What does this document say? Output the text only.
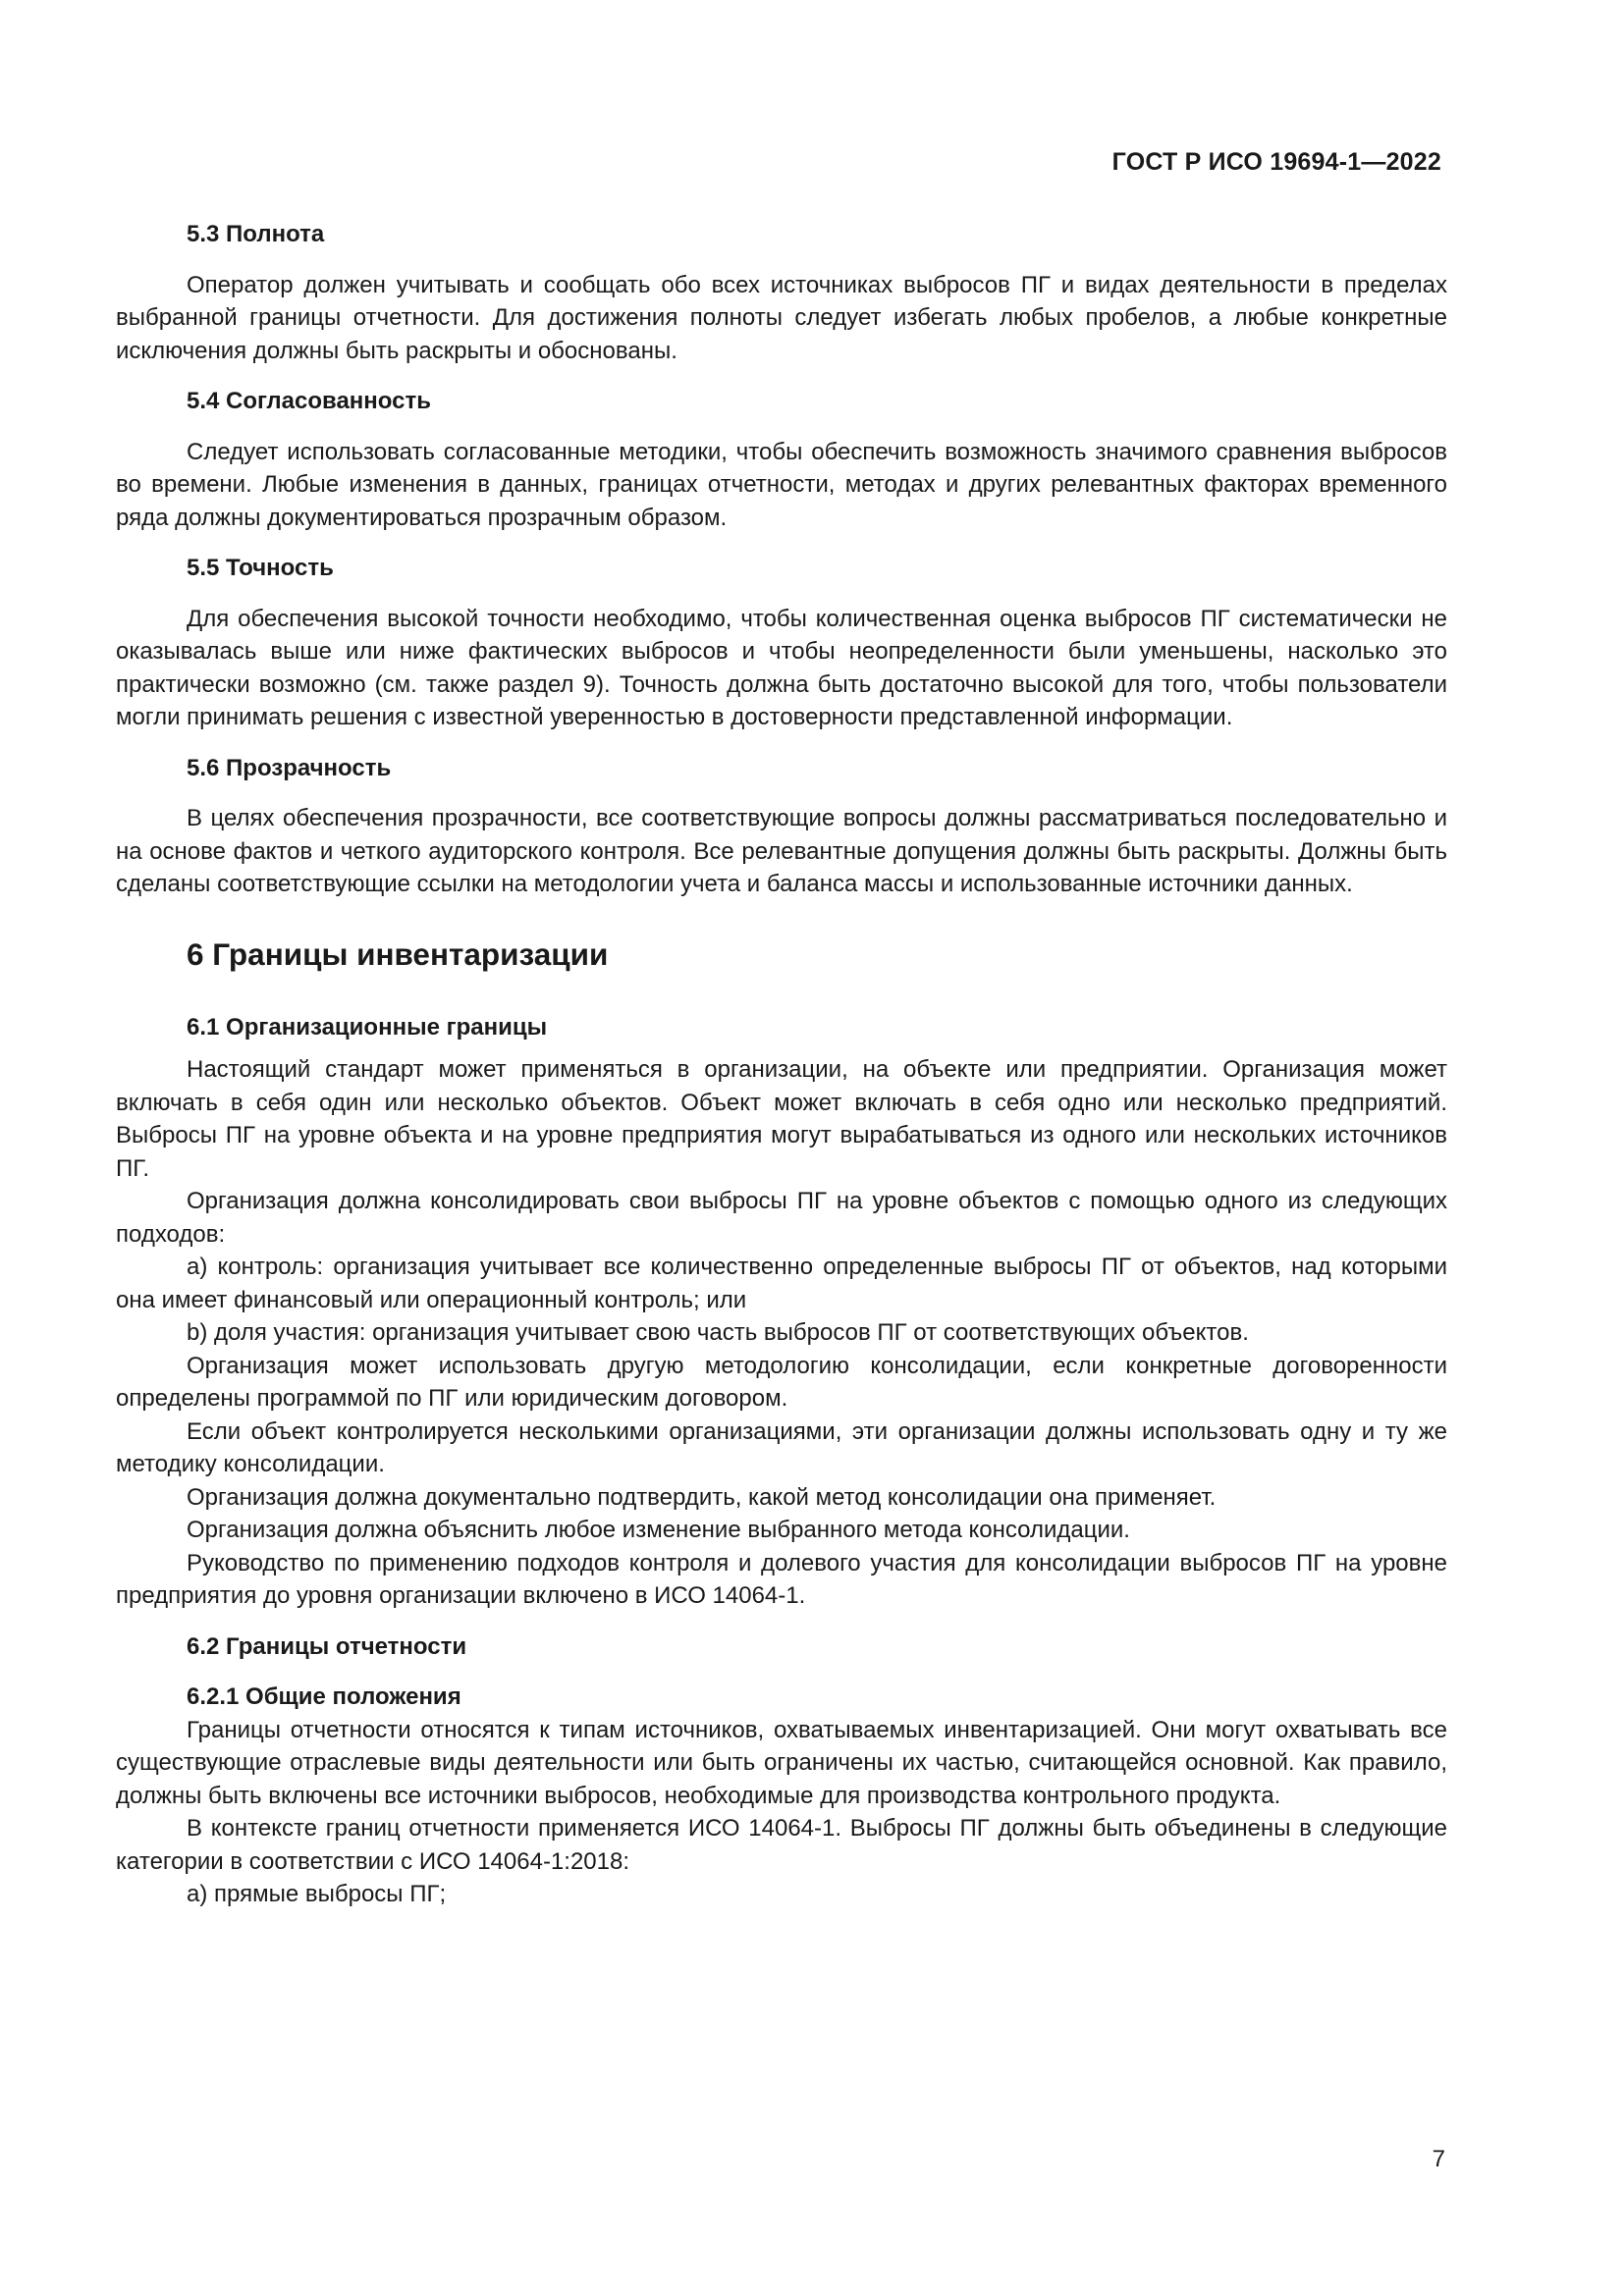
ГОСТ Р ИСО 19694-1—2022
5.3 Полнота

Оператор должен учитывать и сообщать обо всех источниках выбросов ПГ и видах деятельности в пределах выбранной границы отчетности. Для достижения полноты следует избегать любых пробелов, а любые конкретные исключения должны быть раскрыты и обоснованы.

5.4 Согласованность

Следует использовать согласованные методики, чтобы обеспечить возможность значимого сравнения выбросов во времени. Любые изменения в данных, границах отчетности, методах и других релевантных факторах временного ряда должны документироваться прозрачным образом.

5.5 Точность

Для обеспечения высокой точности необходимо, чтобы количественная оценка выбросов ПГ систематически не оказывалась выше или ниже фактических выбросов и чтобы неопределенности были уменьшены, насколько это практически возможно (см. также раздел 9). Точность должна быть достаточно высокой для того, чтобы пользователи могли принимать решения с известной уверенностью в достоверности представленной информации.

5.6 Прозрачность

В целях обеспечения прозрачности, все соответствующие вопросы должны рассматриваться последовательно и на основе фактов и четкого аудиторского контроля. Все релевантные допущения должны быть раскрыты. Должны быть сделаны соответствующие ссылки на методологии учета и баланса массы и использованные источники данных.

6 Границы инвентаризации
6.1 Организационные границы

Настоящий стандарт может применяться в организации, на объекте или предприятии. Организация может включать в себя один или несколько объектов. Объект может включать в себя одно или несколько предприятий. Выбросы ПГ на уровне объекта и на уровне предприятия могут вырабатываться из одного или нескольких источников ПГ.

Организация должна консолидировать свои выбросы ПГ на уровне объектов с помощью одного из следующих подходов:

а) контроль: организация учитывает все количественно определенные выбросы ПГ от объектов, над которыми она имеет финансовый или операционный контроль; или

b) доля участия: организация учитывает свою часть выбросов ПГ от соответствующих объектов.

Организация может использовать другую методологию консолидации, если конкретные договоренности определены программой по ПГ или юридическим договором.

Если объект контролируется несколькими организациями, эти организации должны использовать одну и ту же методику консолидации.

Организация должна документально подтвердить, какой метод консолидации она применяет.

Организация должна объяснить любое изменение выбранного метода консолидации.

Руководство по применению подходов контроля и долевого участия для консолидации выбросов ПГ на уровне предприятия до уровня организации включено в ИСО 14064-1.

6.2 Границы отчетности
6.2.1 Общие положения

Границы отчетности относятся к типам источников, охватываемых инвентаризацией. Они могут охватывать все существующие отраслевые виды деятельности или быть ограничены их частью, считающейся основной. Как правило, должны быть включены все источники выбросов, необходимые для производства контрольного продукта.

В контексте границ отчетности применяется ИСО 14064-1. Выбросы ПГ должны быть объединены в следующие категории в соответствии с ИСО 14064-1:2018:

а) прямые выбросы ПГ;

7
